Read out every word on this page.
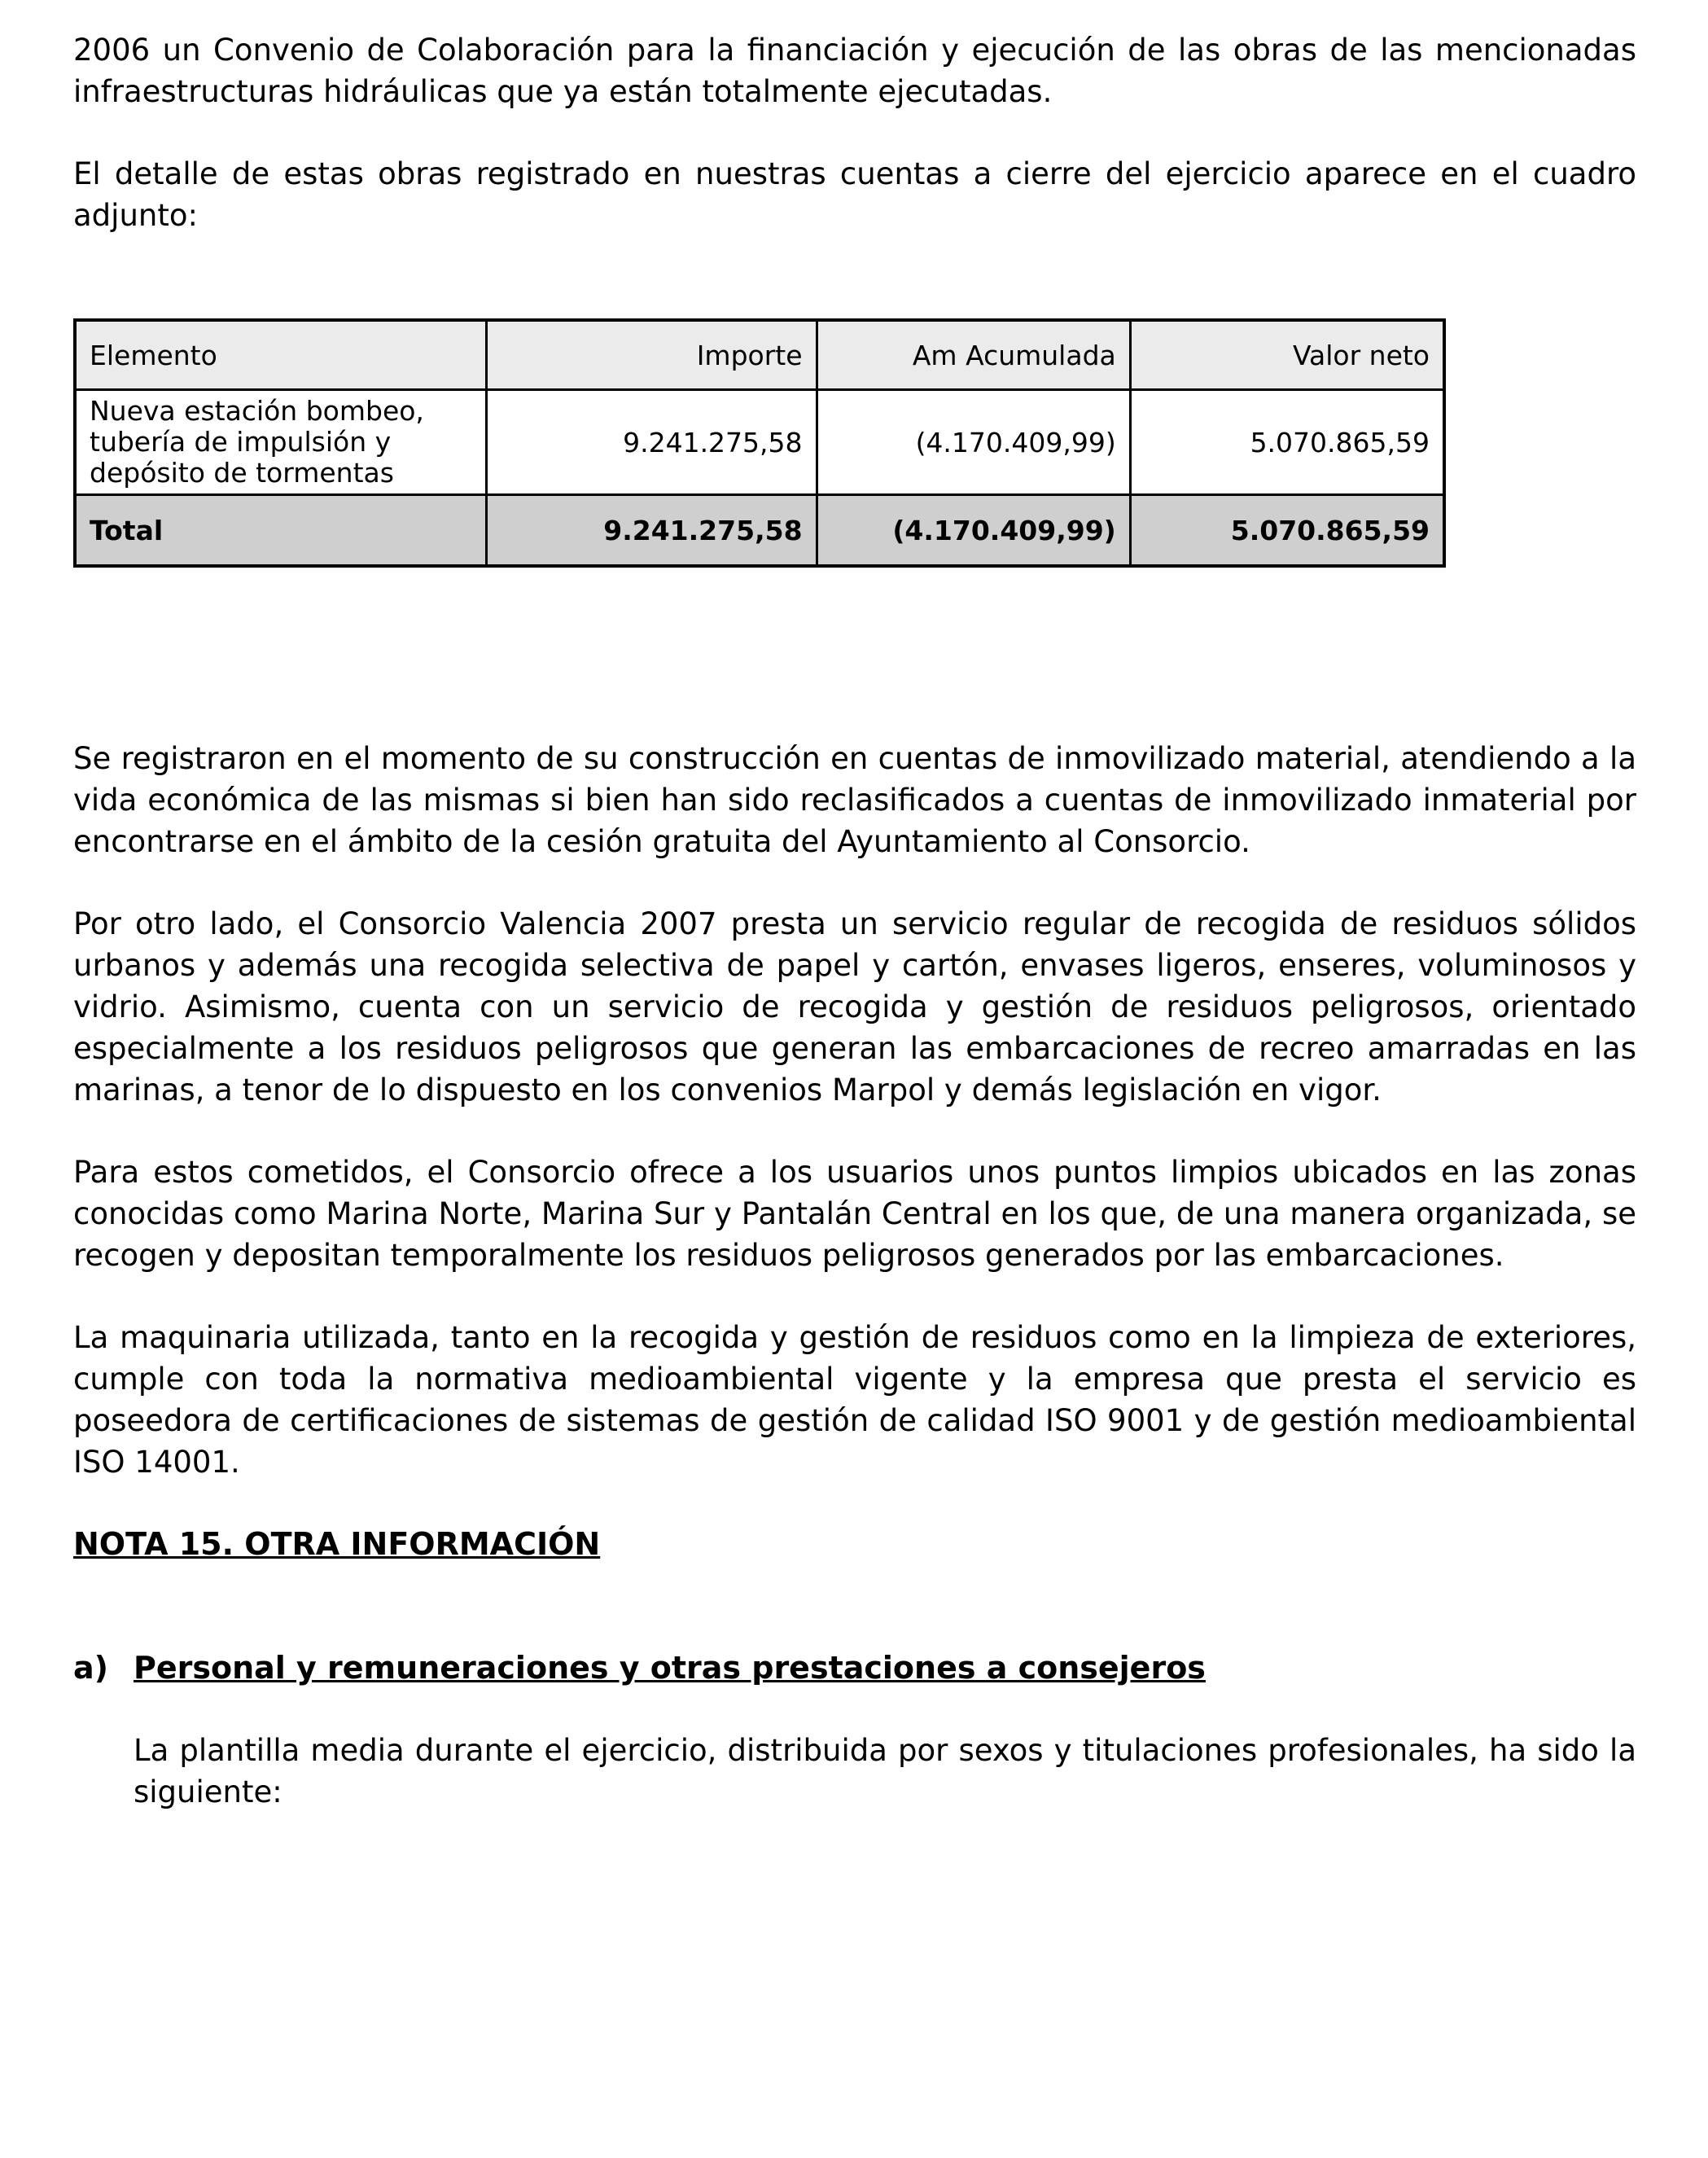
2006 un Convenio de Colaboración para la financiación y ejecución de las obras de las mencionadas infraestructuras hidráulicas que ya están totalmente ejecutadas.

El detalle de estas obras registrado en nuestras cuentas a cierre del ejercicio aparece en el cuadro adjunto:

Elemento	Importe	Am Acumulada	Valor neto

Nueva estación bombeo,
tubería de impulsión y
depósito de tormentas	9.241.275,58	(4.170.409,99)	5.070.865,59
Total	9.241.275,58	(4.170.409,99)	5.070.865,59

Se registraron en el momento de su construcción en cuentas de inmovilizado material, atendiendo a la vida económica de las mismas si bien han sido reclasificados a cuentas de inmovilizado inmaterial por encontrarse en el ámbito de la cesión gratuita del Ayuntamiento al Consorcio.

Por otro lado, el Consorcio Valencia 2007 presta un servicio regular de recogida de residuos sólidos urbanos y además una recogida selectiva de papel y cartón, envases ligeros, enseres, voluminosos y vidrio. Asimismo, cuenta con un servicio de recogida y gestión de residuos peligrosos, orientado especialmente a los residuos peligrosos que generan las embarcaciones de recreo amarradas en las marinas, a tenor de lo dispuesto en los convenios Marpol y demás legislación en vigor.

Para estos cometidos, el Consorcio ofrece a los usuarios unos puntos limpios ubicados en las zonas conocidas como Marina Norte, Marina Sur y Pantalán Central en los que, de una manera organizada, se recogen y depositan temporalmente los residuos peligrosos generados por las embarcaciones.

La maquinaria utilizada, tanto en la recogida y gestión de residuos como en la limpieza de exteriores, cumple con toda la normativa medioambiental vigente y la empresa que presta el servicio es poseedora de certificaciones de sistemas de gestión de calidad ISO 9001 y de gestión medioambiental ISO 14001.

NOTA 15. OTRA INFORMACIÓN

a) Personal y remuneraciones y otras prestaciones a consejeros

La plantilla media durante el ejercicio, distribuida por sexos y titulaciones profesionales, ha sido la siguiente:
